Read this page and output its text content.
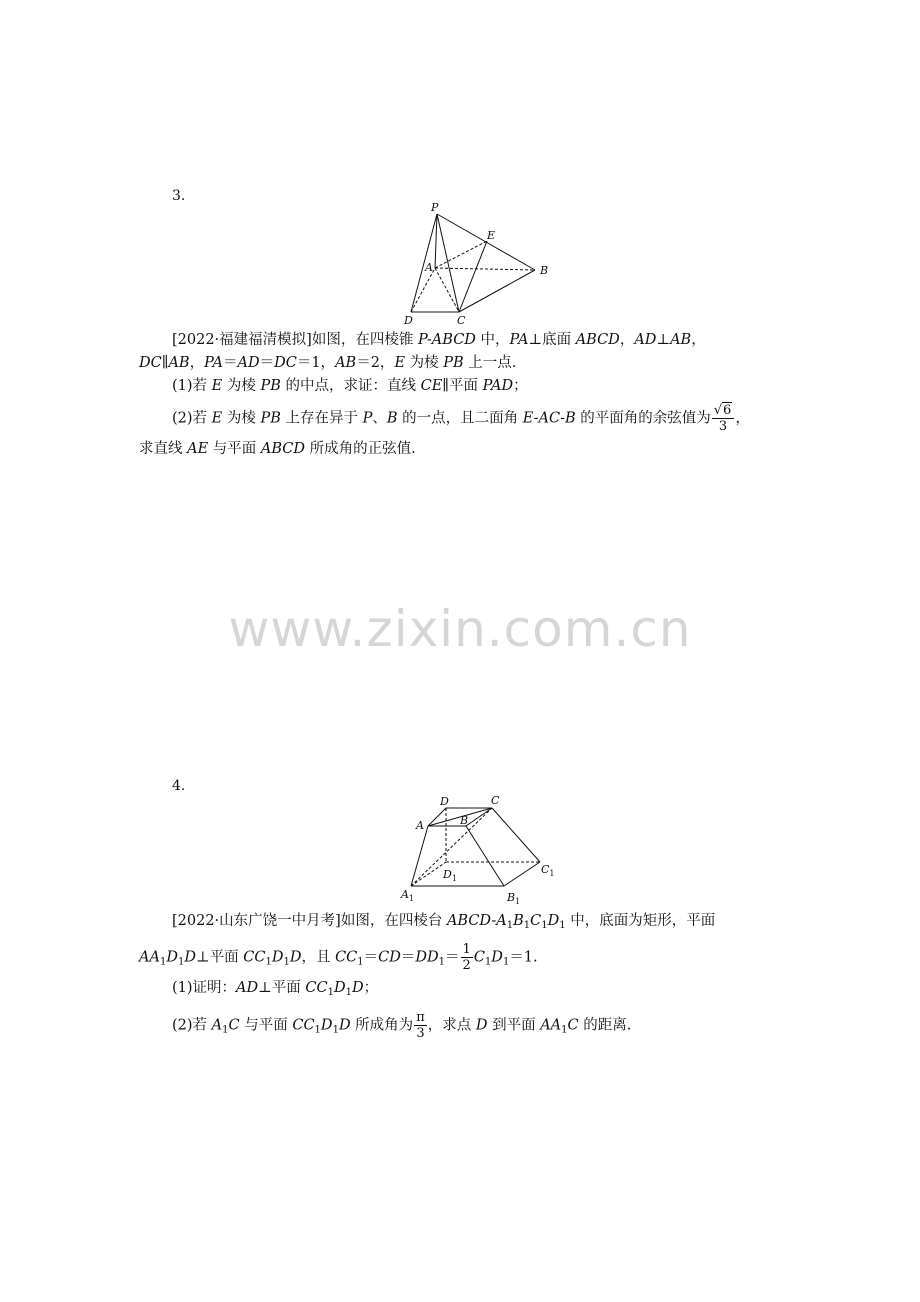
www.zixin.com.cn
3.
P
E
A	B
D	C
[2022·福建福清模拟]如图，在四棱锥 P-ABCD 中，PA⊥底面 ABCD，AD⊥AB，
DC∥AB，PA＝AD＝DC＝1，AB＝2，E 为棱 PB 上一点.
(1)若 E 为棱 PB 的中点，求证：直线 CE∥平面 PAD；
(2)若 E 为棱 PB 上存在异于 P、B 的一点，且二面角 E-AC-B 的平面角的余弦值为 $\frac{√6}{3}$ ，
求直线 AE 与平面 ABCD 所成角的正弦值.
4.
D	C
A	B
$D_1$
$C_1$
$A_1$	$B_1$
[2022·山东广饶一中月考]如图，在四棱台 ABCD-$A_1B_1C_1D_1$ 中，底面为矩形，平面
$AA_1D_1D\perp$平面 $CC_1D_1D$，且 $CC_1=CD=DD_1= \frac{1}{2} C_1D_1=1$.
(1)证明：AD⊥平面 $CC_1D_1D$；
(2)若 $A_1C$ 与平面 $CC_1D_1D$ 所成角为 $\frac{\pi}{3}$ ，求点 D 到平面 $AA_1C$ 的距离.
